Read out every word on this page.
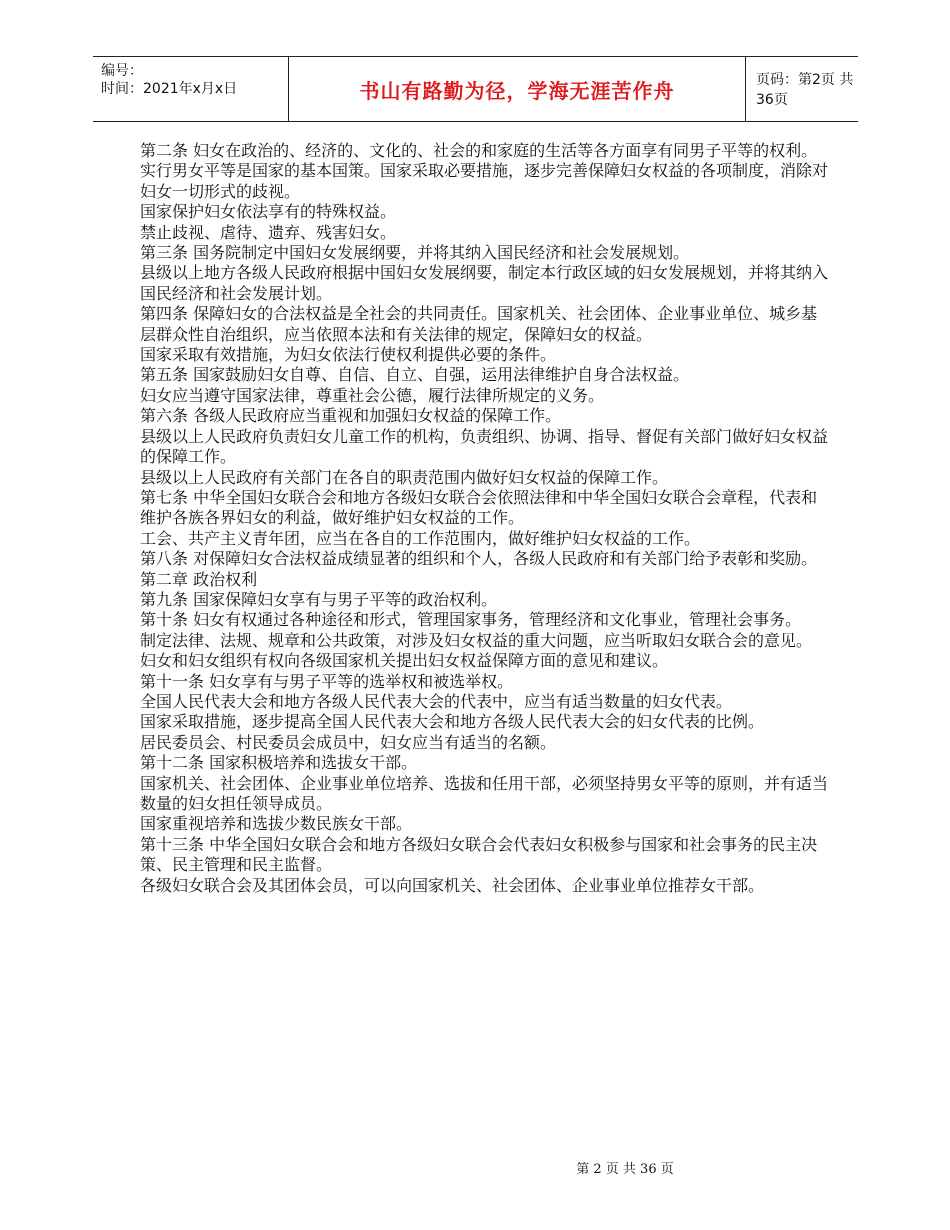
编号：
时间：2021年x月x日	书山有路勤为径，学海无涯苦作舟	页码：第2页 共36页

第二条 妇女在政治的、经济的、文化的、社会的和家庭的生活等各方面享有同男子平等的权利。

实行男女平等是国家的基本国策。国家采取必要措施，逐步完善保障妇女权益的各项制度，消除对妇女一切形式的歧视。

国家保护妇女依法享有的特殊权益。

禁止歧视、虐待、遗弃、残害妇女。

第三条 国务院制定中国妇女发展纲要，并将其纳入国民经济和社会发展规划。

县级以上地方各级人民政府根据中国妇女发展纲要，制定本行政区域的妇女发展规划，并将其纳入国民经济和社会发展计划。

第四条 保障妇女的合法权益是全社会的共同责任。国家机关、社会团体、企业事业单位、城乡基层群众性自治组织，应当依照本法和有关法律的规定，保障妇女的权益。

国家采取有效措施，为妇女依法行使权利提供必要的条件。

第五条 国家鼓励妇女自尊、自信、自立、自强，运用法律维护自身合法权益。

妇女应当遵守国家法律，尊重社会公德，履行法律所规定的义务。

第六条 各级人民政府应当重视和加强妇女权益的保障工作。

县级以上人民政府负责妇女儿童工作的机构，负责组织、协调、指导、督促有关部门做好妇女权益的保障工作。

县级以上人民政府有关部门在各自的职责范围内做好妇女权益的保障工作。

第七条 中华全国妇女联合会和地方各级妇女联合会依照法律和中华全国妇女联合会章程，代表和维护各族各界妇女的利益，做好维护妇女权益的工作。

工会、共产主义青年团，应当在各自的工作范围内，做好维护妇女权益的工作。

第八条 对保障妇女合法权益成绩显著的组织和个人，各级人民政府和有关部门给予表彰和奖励。

第二章 政治权利

第九条 国家保障妇女享有与男子平等的政治权利。

第十条 妇女有权通过各种途径和形式，管理国家事务，管理经济和文化事业，管理社会事务。

制定法律、法规、规章和公共政策，对涉及妇女权益的重大问题，应当听取妇女联合会的意见。

妇女和妇女组织有权向各级国家机关提出妇女权益保障方面的意见和建议。

第十一条 妇女享有与男子平等的选举权和被选举权。

全国人民代表大会和地方各级人民代表大会的代表中，应当有适当数量的妇女代表。

国家采取措施，逐步提高全国人民代表大会和地方各级人民代表大会的妇女代表的比例。

居民委员会、村民委员会成员中，妇女应当有适当的名额。

第十二条 国家积极培养和选拔女干部。

国家机关、社会团体、企业事业单位培养、选拔和任用干部，必须坚持男女平等的原则，并有适当数量的妇女担任领导成员。

国家重视培养和选拔少数民族女干部。

第十三条 中华全国妇女联合会和地方各级妇女联合会代表妇女积极参与国家和社会事务的民主决策、民主管理和民主监督。

各级妇女联合会及其团体会员，可以向国家机关、社会团体、企业事业单位推荐女干部。

第 2 页 共 36 页
